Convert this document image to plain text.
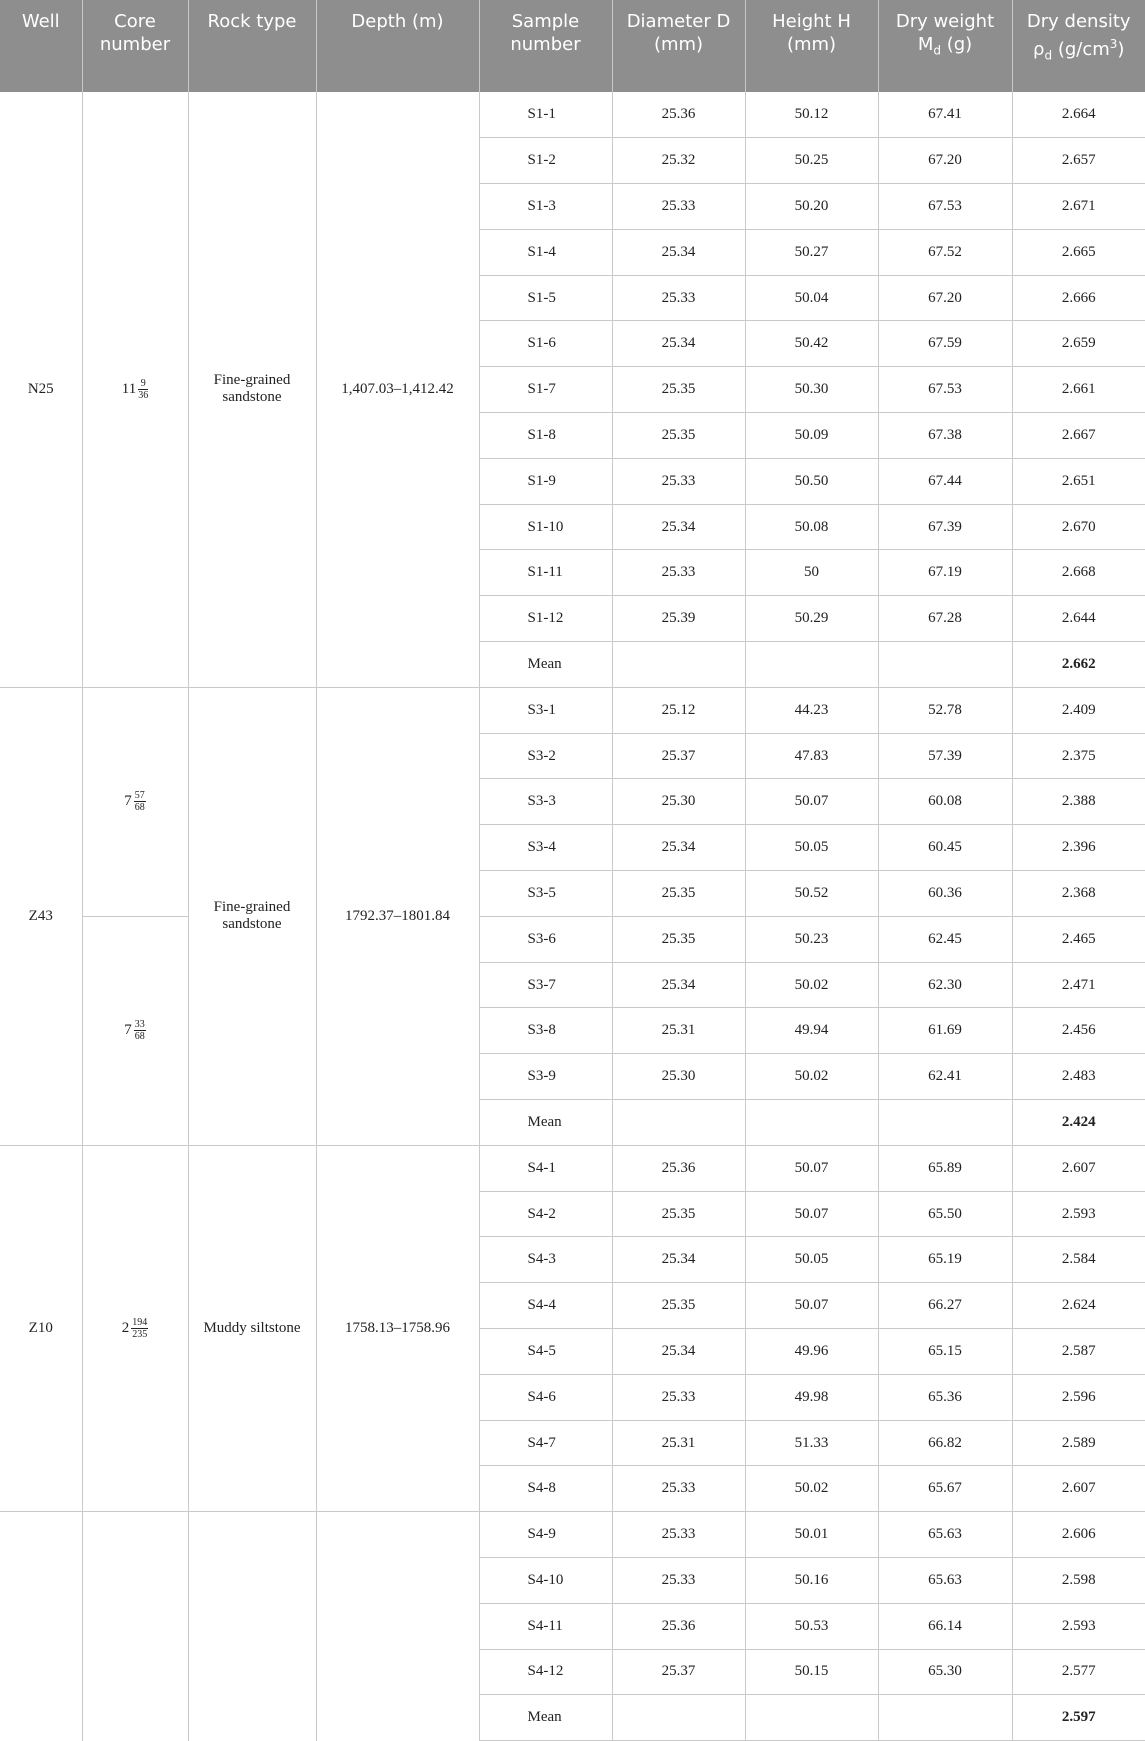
Well	Core number	Rock type	Depth (m)	Sample number	Diameter D (mm)	Height H (mm)	Dry weight $M_d$ (g)	Dry density $\rho_d$ $(g/cm^3)$
N25	$11 \frac{9}{36}$	Fine-grained sandstone	1,407.03–1,412.42	S1-1	25.36	50.12	67.41	2.664
				S1-2	25.32	50.25	67.20	2.657
				S1-3	25.33	50.20	67.53	2.671
				S1-4	25.34	50.27	67.52	2.665
				S1-5	25.33	50.04	67.20	2.666
				S1-6	25.34	50.42	67.59	2.659
				S1-7	25.35	50.30	67.53	2.661
				S1-8	25.35	50.09	67.38	2.667
				S1-9	25.33	50.50	67.44	2.651
				S1-10	25.34	50.08	67.39	2.670
				S1-11	25.33	50	67.19	2.668
				S1-12	25.39	50.29	67.28	2.644
				Mean				2.662
Z43	$7 \frac{57}{68}$	Fine-grained sandstone	1792.37–1801.84	S3-1	25.12	44.23	52.78	2.409
				S3-2	25.37	47.83	57.39	2.375
				S3-3	25.30	50.07	60.08	2.388
				S3-4	25.34	50.05	60.45	2.396
				S3-5	25.35	50.52	60.36	2.368
	$7 \frac{33}{68}$			S3-6	25.35	50.23	62.45	2.465
				S3-7	25.34	50.02	62.30	2.471
				S3-8	25.31	49.94	61.69	2.456
				S3-9	25.30	50.02	62.41	2.483
				Mean				2.424
Z10	$2 \frac{194}{235}$	Muddy siltstone	1758.13–1758.96	S4-1	25.36	50.07	65.89	2.607
				S4-2	25.35	50.07	65.50	2.593
				S4-3	25.34	50.05	65.19	2.584
				S4-4	25.35	50.07	66.27	2.624
				S4-5	25.34	49.96	65.15	2.587
				S4-6	25.33	49.98	65.36	2.596
				S4-7	25.31	51.33	66.82	2.589
				S4-8	25.33	50.02	65.67	2.607
				S4-9	25.33	50.01	65.63	2.606
				S4-10	25.33	50.16	65.63	2.598
				S4-11	25.36	50.53	66.14	2.593
				S4-12	25.37	50.15	65.30	2.577
				Mean				2.597
